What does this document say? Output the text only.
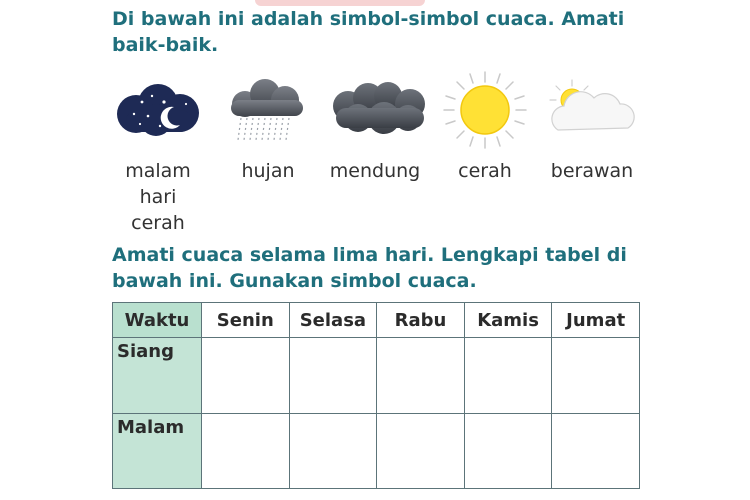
Di bawah ini adalah simbol-simbol cuaca. Amati
baik-baik.

malam
hari
cerah
hujan	mendung	cerah	berawan

Amati cuaca selama lima hari. Lengkapi tabel di
bawah ini. Gunakan simbol cuaca.

Waktu	Senin	Selasa	Rabu	Kamis	Jumat
Siang					
Malam					
